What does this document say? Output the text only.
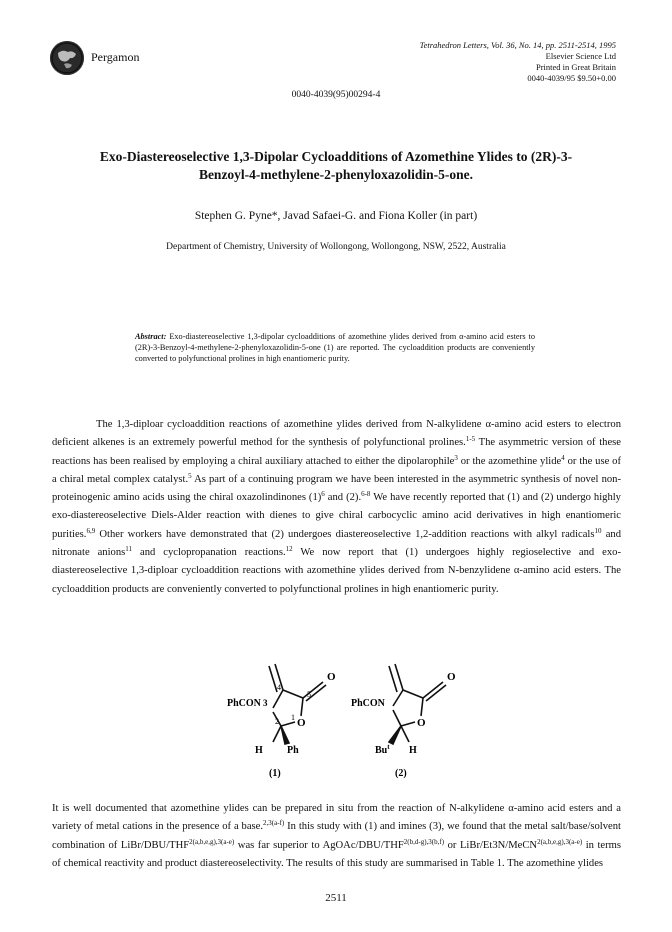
Pergamon
Tetrahedron Letters, Vol. 36, No. 14, pp. 2511-2514, 1995
Elsevier Science Ltd
Printed in Great Britain
0040-4039/95 $9.50+0.00
0040-4039(95)00294-4
Exo-Diastereoselective 1,3-Dipolar Cycloadditions of Azomethine Ylides to (2R)-3-
Benzoyl-4-methylene-2-phenyloxazolidin-5-one.
Stephen G. Pyne*, Javad Safaei-G. and Fiona Koller (in part)
Department of Chemistry, University of Wollongong, Wollongong, NSW, 2522, Australia
Abstract: Exo-diastereoselective 1,3-dipolar cycloadditions of azomethine ylides derived from α-amino acid esters to (2R)-3-Benzoyl-4-methylene-2-phenyloxazolidin-5-one (1) are reported. The cycloaddition products are conveniently converted to polyfunctional prolines in high enantiomeric purity.
The 1,3-diploar cycloaddition reactions of azomethine ylides derived from N-alkylidene α-amino acid esters to electron deficient alkenes is an extremely powerful method for the synthesis of polyfunctional prolines.$^{1-5}$ The asymmetric version of these reactions has been realised by employing a chiral auxiliary attached to either the dipolarophile$^3$ or the azomethine ylide$^4$ or the use of a chiral metal complex catalyst.$^5$ As part of a continuing program we have been interested in the asymmetric synthesis of novel non-proteinogenic amino acids using the chiral oxazolindinones $(1)^6$ and (2).$^{6-8}$ We have recently reported that (1) and (2) undergo highly exo-diastereoselective Diels-Alder reaction with dienes to give chiral carbocyclic amino acid derivatives in high enantiomeric purities.$^{6,9}$ Other workers have demonstrated that (2) undergoes diastereoselective 1,2-addition reactions with alkyl radicals$^{10}$ and nitronate anions$^{11}$ and cyclopropanation reactions.$^{12}$ We now report that (1) undergoes highly regioselective and exo-diastereoselective 1,3-diploar cycloaddition reactions with azomethine ylides derived from N-benzylidene α-amino acid esters. The cycloaddition products are conveniently converted to polyfunctional prolines in high enantiomeric purity.
O
PhCON 3
4
5
1
2 O
H Ph
(1)
O
PhCON
O
Bu$^t$ H
(2)
It is well documented that azomethine ylides can be prepared in situ from the reaction of N-alkylidene α-amino acid esters and a variety of metal cations in the presence of a base.$^{2,3(a-f)}$ In this study with (1) and imines (3), we found that the metal salt/base/solvent combination of LiBr/$DBU/THF^{2(a,b,e,g),3(a-e)}$ was far superior to AgOAc/$DBU/THF^{2(b,d-g),3(b,f)}$ or LiBr/Et3N/MeCN$^{2(a,b,e,g),3(a-e)}$ in terms of chemical reactivity and product diastereoselectivity. The results of this study are summarised in Table 1. The azomethine ylides
2511
